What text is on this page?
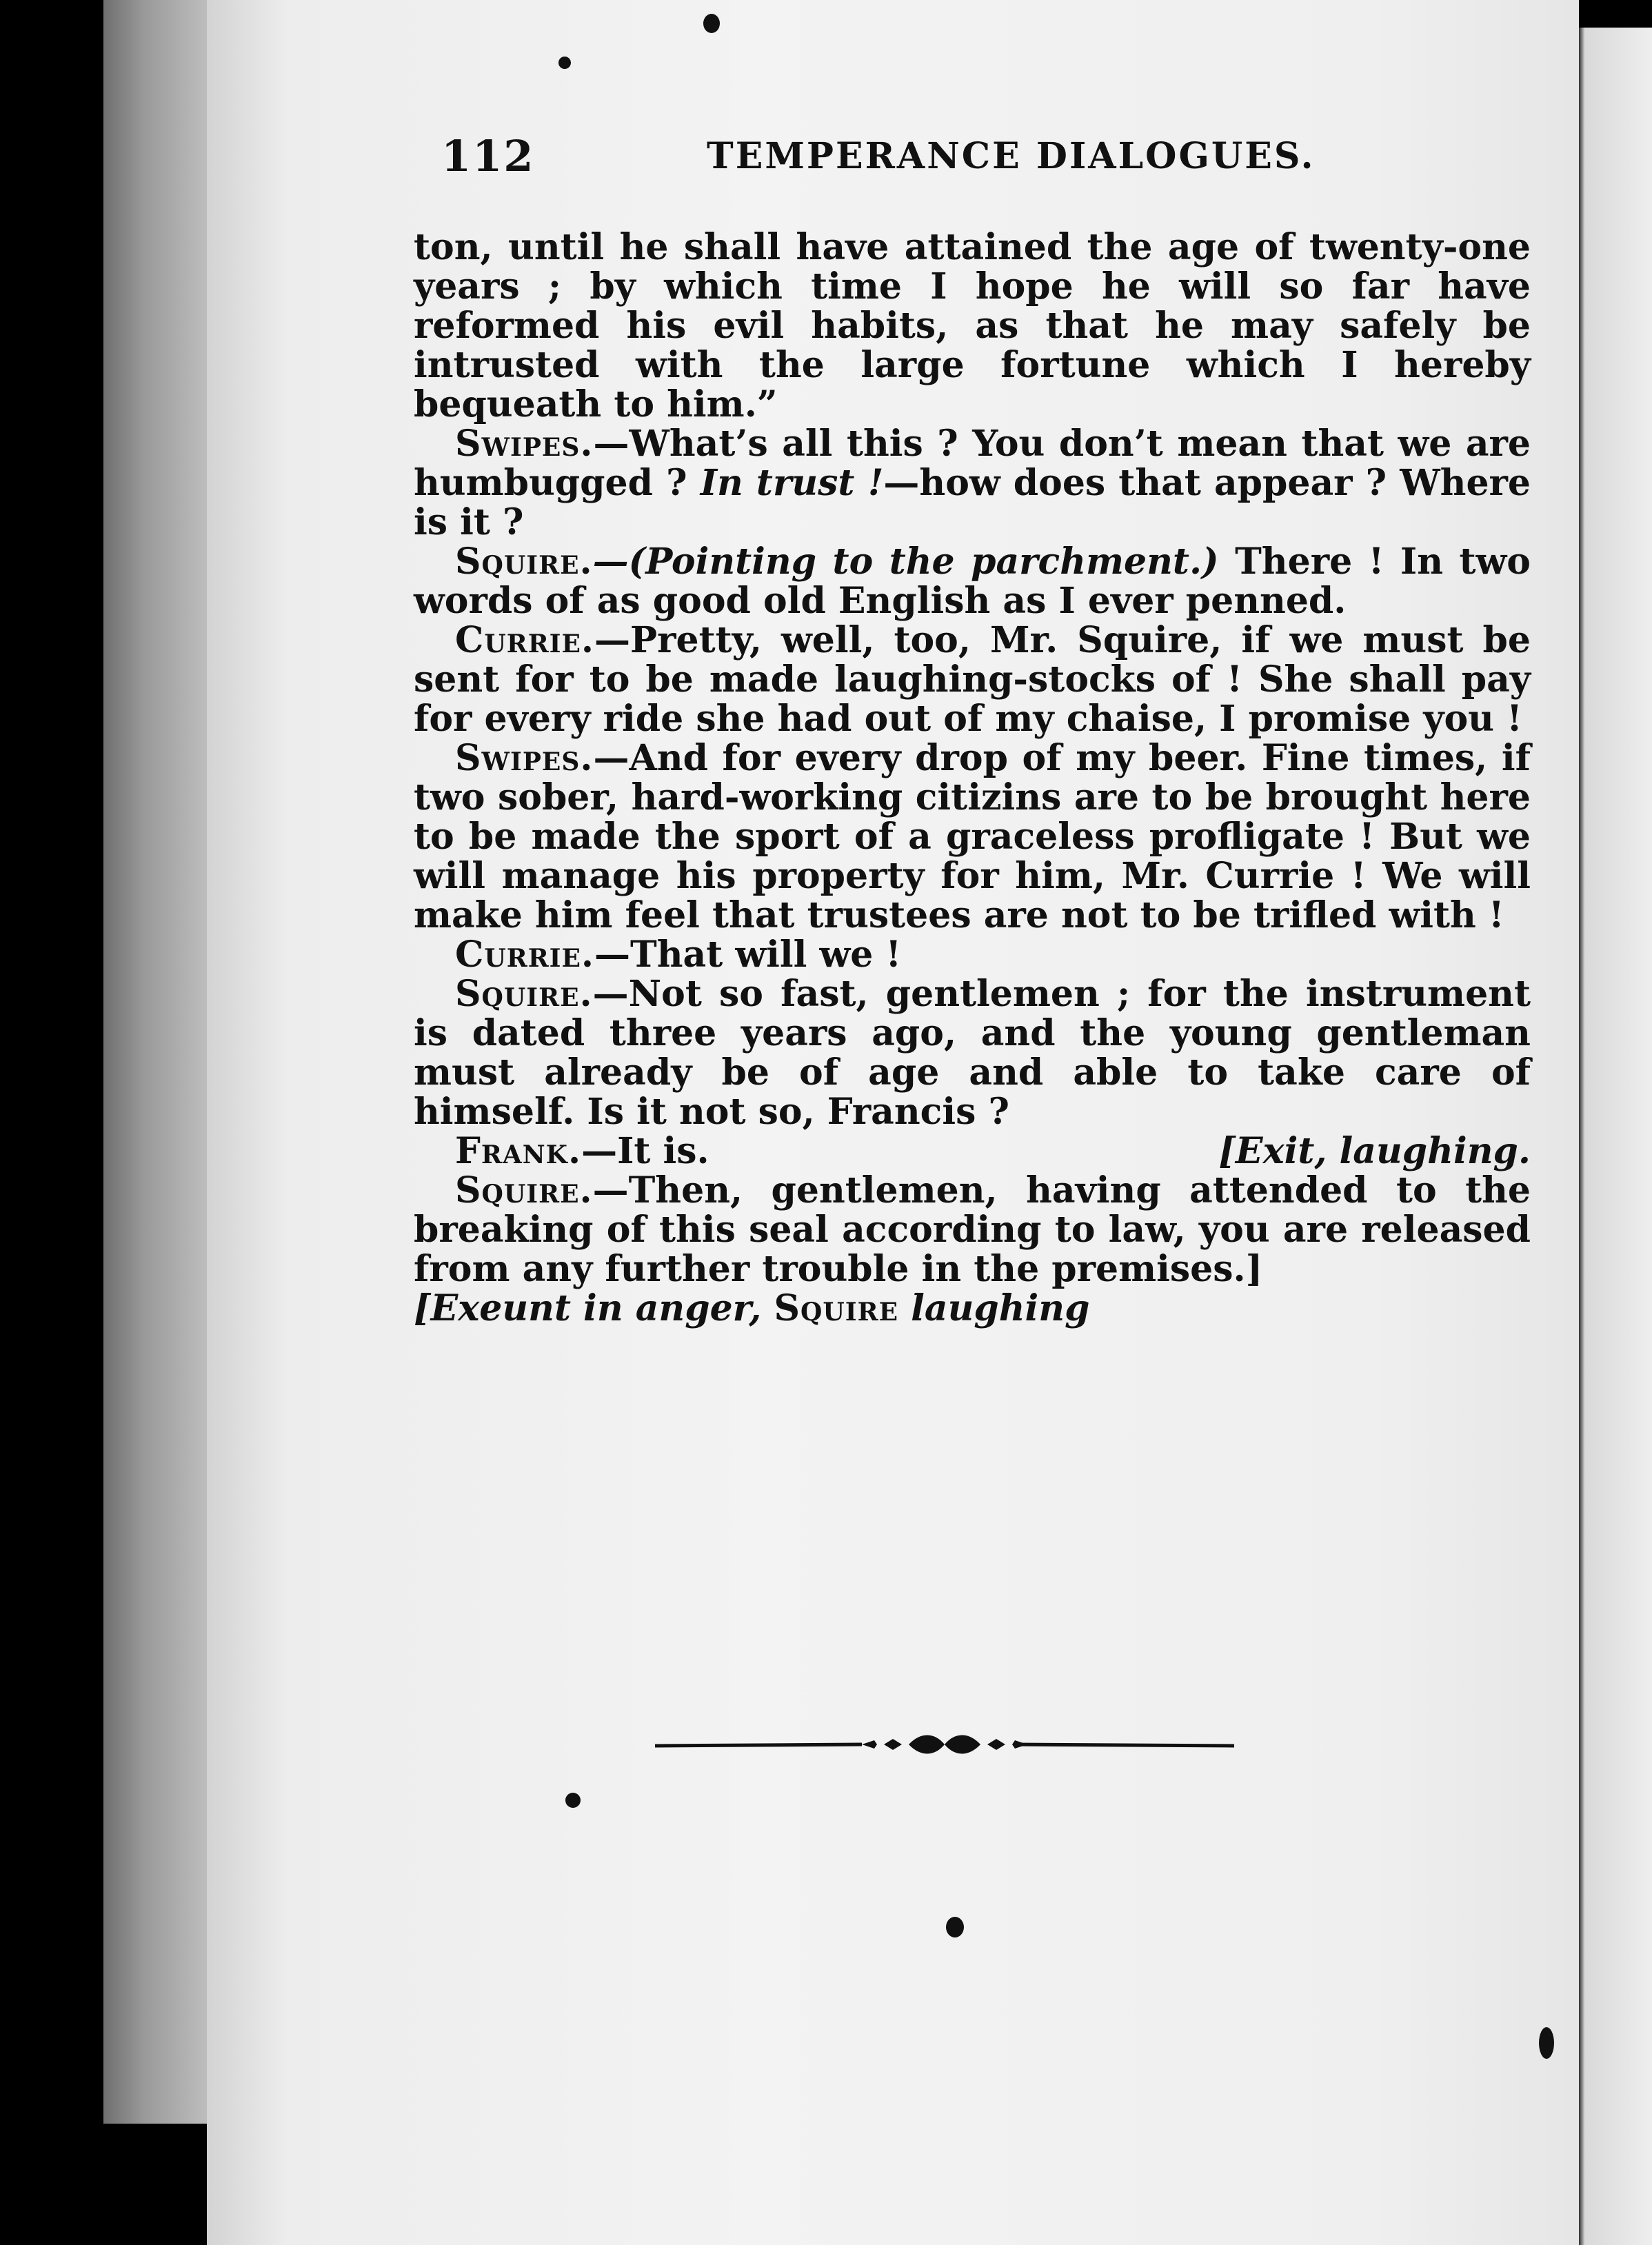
112	TEMPERANCE DIALOGUES.

ton, until he shall have attained the age of twenty-one years ; by which time I hope he will so far have reformed his evil habits, as that he may safely be intrusted with the large fortune which I hereby bequeath to him.”

Swipes.—What’s all this ? You don’t mean that we are humbugged ? In trust !—how does that appear ? Where is it ?

Squire.—(Pointing to the parchment.) There ! In two words of as good old English as I ever penned.

Currie.—Pretty, well, too, Mr. Squire, if we must be sent for to be made laughing-stocks of ! She shall pay for every ride she had out of my chaise, I promise you !

Swipes.—And for every drop of my beer. Fine times, if two sober, hard-working citizins are to be brought here to be made the sport of a graceless profligate ! But we will manage his property for him, Mr. Currie ! We will make him feel that trustees are not to be trifled with !

Currie.—That will we !

Squire.—Not so fast, gentlemen ; for the instrument is dated three years ago, and the young gentleman must already be of age and able to take care of himself. Is it not so, Francis ?

Frank.—It is.	[Exit, laughing.

Squire.—Then, gentlemen, having attended to the breaking of this seal according to law, you are released from any further trouble in the premises.]

[Exeunt in anger, Squire laughing
